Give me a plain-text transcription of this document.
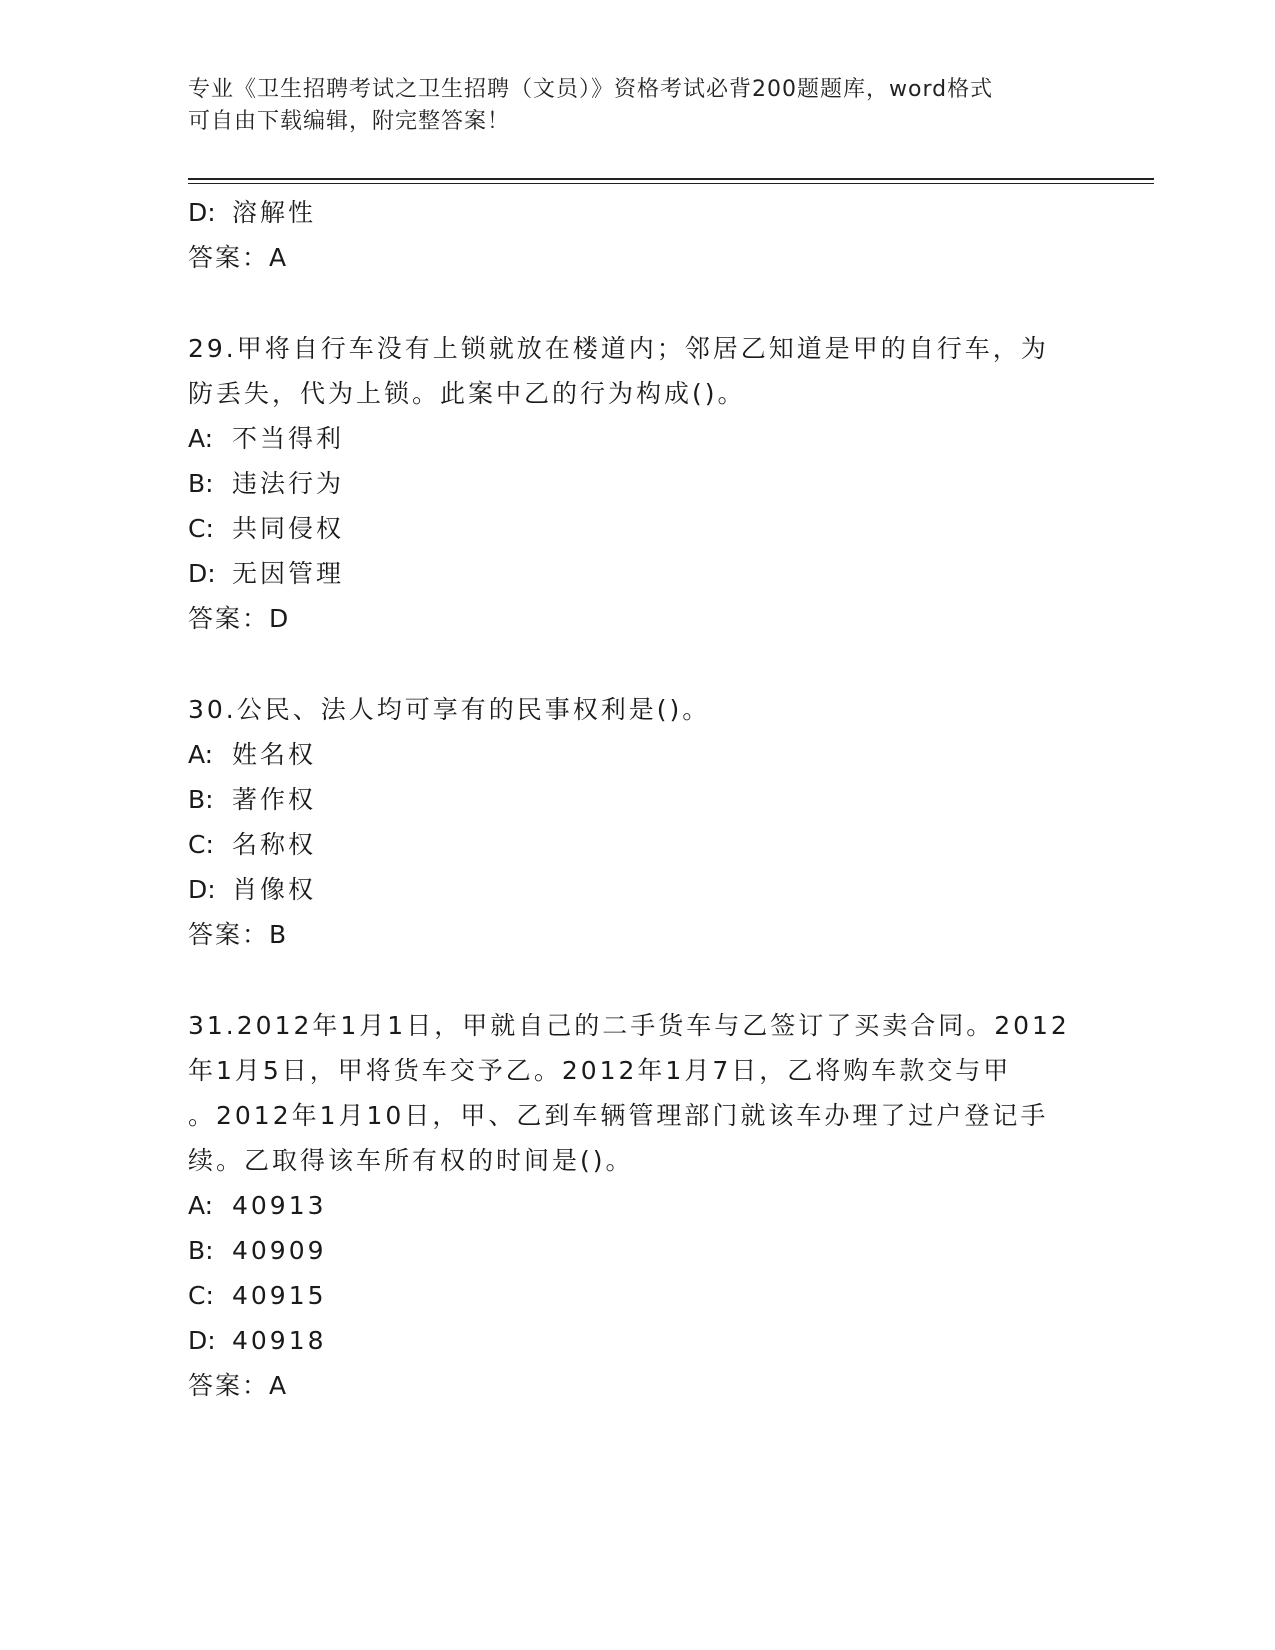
专业《卫生招聘考试之卫生招聘（文员）》资格考试必背200题题库，word格式
可自由下载编辑，附完整答案！
D: 溶解性
答案：A
29.甲将自行车没有上锁就放在楼道内；邻居乙知道是甲的自行车，为
防丢失，代为上锁。此案中乙的行为构成()。
A: 不当得利
B: 违法行为
C: 共同侵权
D: 无因管理
答案：D
30.公民、法人均可享有的民事权利是()。
A: 姓名权
B: 著作权
C: 名称权
D: 肖像权
答案：B
31.2012年1月1日，甲就自己的二手货车与乙签订了买卖合同。2012
年1月5日，甲将货车交予乙。2012年1月7日，乙将购车款交与甲
。2012年1月10日，甲、乙到车辆管理部门就该车办理了过户登记手
续。乙取得该车所有权的时间是()。
A: 40913
B: 40909
C: 40915
D: 40918
答案：A
